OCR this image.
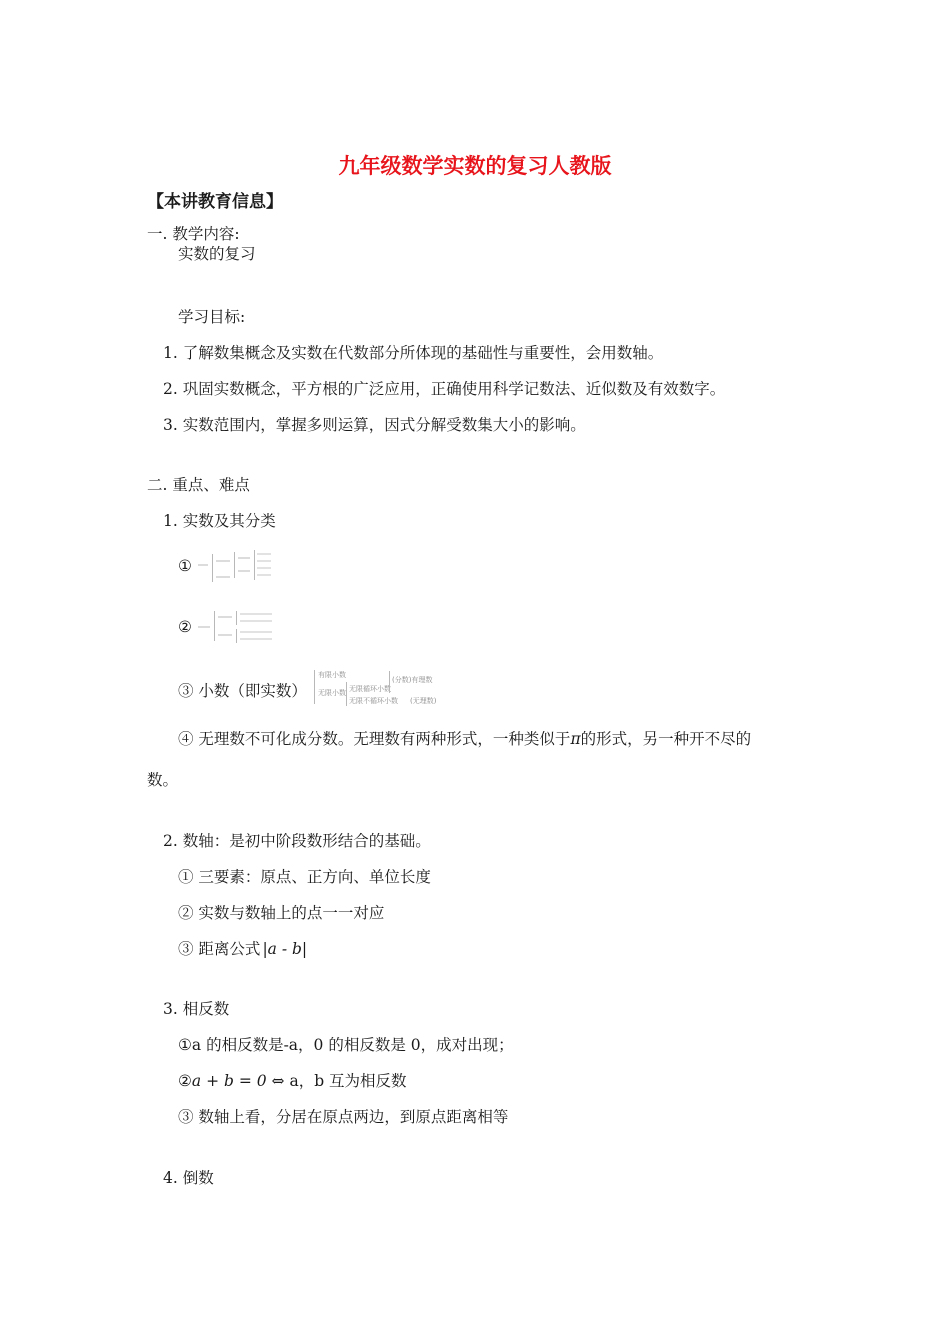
九年级数学实数的复习人教版
【本讲教育信息】
一. 教学内容:
实数的复习
学习目标:
1. 了解数集概念及实数在代数部分所体现的基础性与重要性，会用数轴。
2. 巩固实数概念，平方根的广泛应用，正确使用科学记数法、近似数及有效数字。
3. 实数范围内，掌握多则运算，因式分解受数集大小的影响。
二. 重点、难点
1. 实数及其分类
①
②
③ 小数（即实数）
有限小数
无限小数 无限循环小数
无限不循环小数
(分数)有理数
(无理数)
④ 无理数不可化成分数。无理数有两种形式，一种类似于π的形式，另一种开不尽的
数。
2. 数轴：是初中阶段数形结合的基础。
① 三要素：原点、正方向、单位长度
② 实数与数轴上的点一一对应
③ 距离公式 |a - b|
3. 相反数
①a 的相反数是-a，0 的相反数是 0，成对出现；
②a + b = 0 ⇔ a，b 互为相反数
③ 数轴上看，分居在原点两边，到原点距离相等
4. 倒数
